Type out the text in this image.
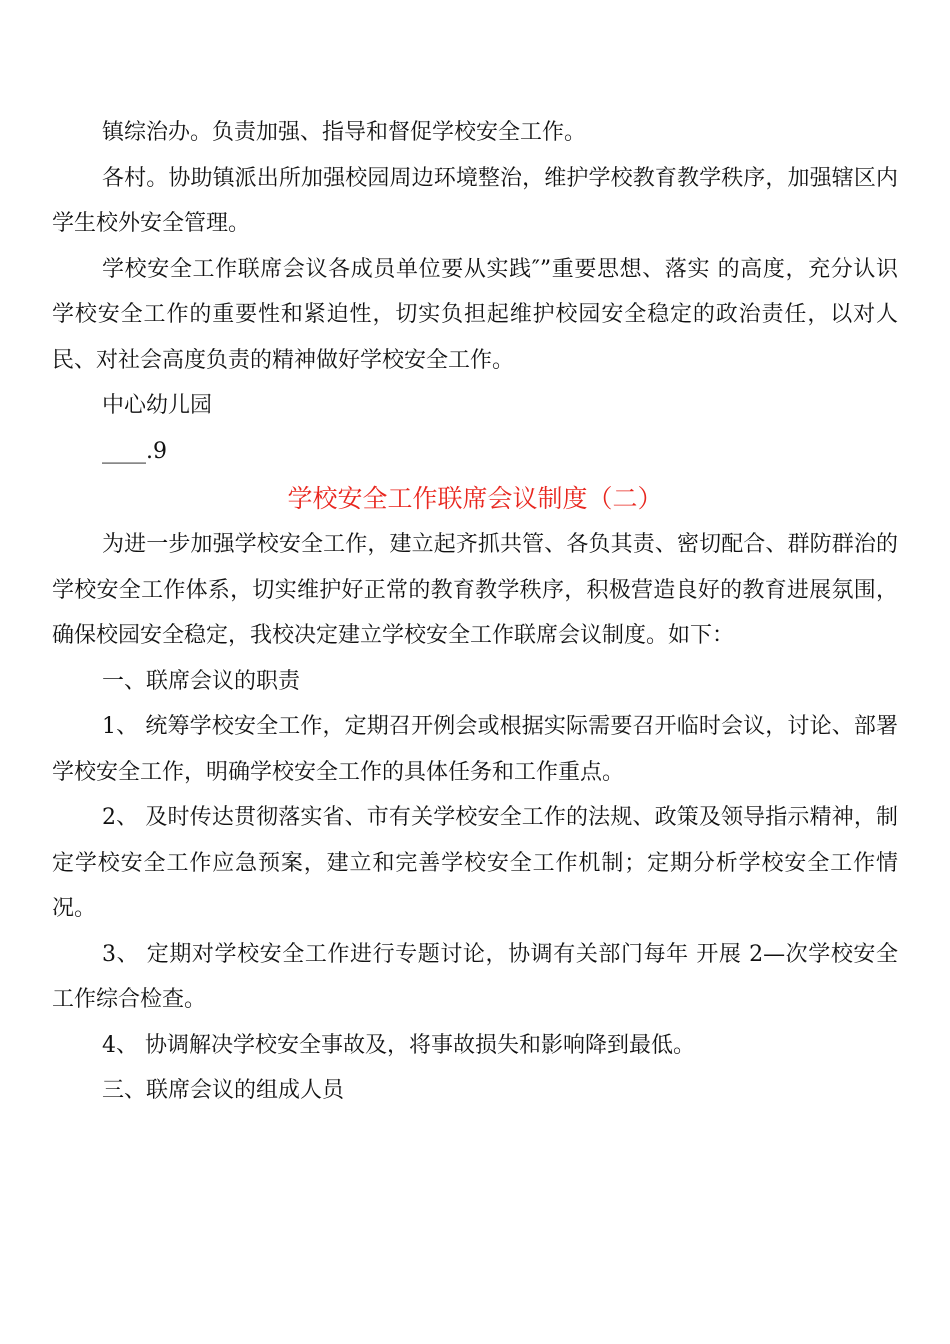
镇综治办。负责加强、指导和督促学校安全工作。

各村。协助镇派出所加强校园周边环境整治，维护学校教育教学秩序，加强辖区内学生校外安全管理。

学校安全工作联席会议各成员单位要从实践″”重要思想、落实 的高度，充分认识学校安全工作的重要性和紧迫性，切实负担起维护校园安全稳定的政治责任，以对人民、对社会高度负责的精神做好学校安全工作。

中心幼儿园

____.9

学校安全工作联席会议制度（二）

为进一步加强学校安全工作，建立起齐抓共管、各负其责、密切配合、群防群治的学校安全工作体系，切实维护好正常的教育教学秩序，积极营造良好的教育进展氛围，确保校园安全稳定，我校决定建立学校安全工作联席会议制度。如下：

一、联席会议的职责

1、 统筹学校安全工作，定期召开例会或根据实际需要召开临时会议，讨论、部署学校安全工作，明确学校安全工作的具体任务和工作重点。

2、 及时传达贯彻落实省、市有关学校安全工作的法规、政策及领导指示精神，制定学校安全工作应急预案，建立和完善学校安全工作机制；定期分析学校安全工作情况。

3、 定期对学校安全工作进行专题讨论，协调有关部门每年 开展 2—次学校安全工作综合检查。

4、 协调解决学校安全事故及，将事故损失和影响降到最低。

三、联席会议的组成人员
